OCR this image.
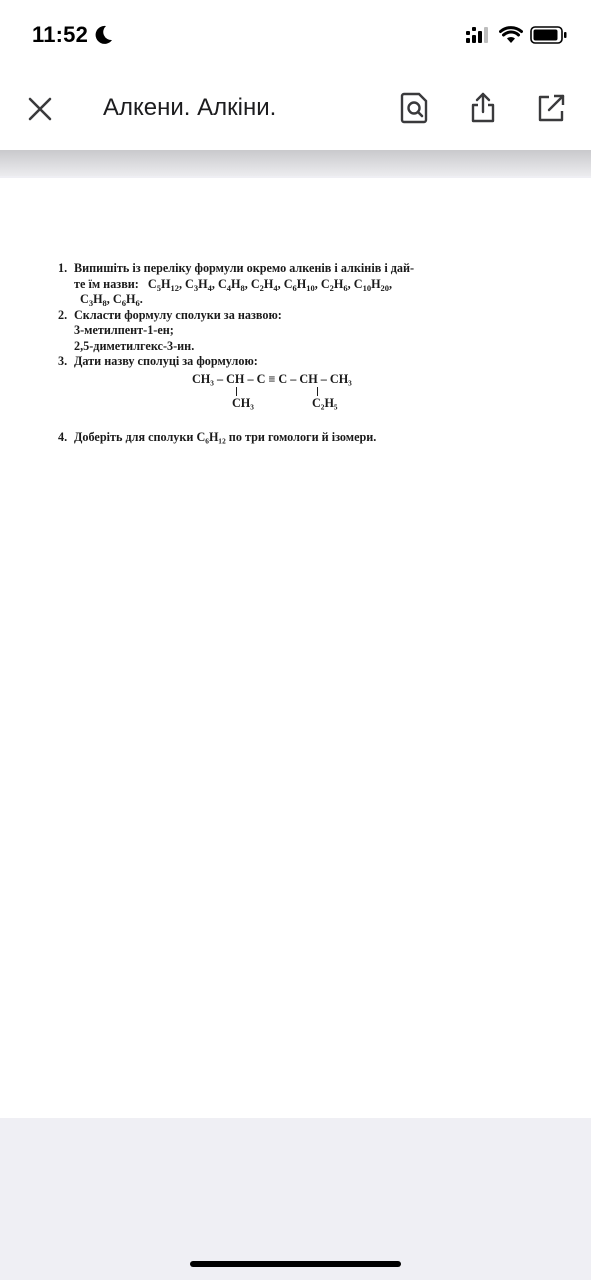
11:52
Алкени. Алкіни.
1. Випишіть із переліку формули окремо алкенів і алкінів і дай-
те їм назви: $C_5H_{12}$, $C_3H_4$, $C_4H_8$, $C_2H_4$, $C_6H_{10}$, $C_2H_6$, $C_{10}H_{20}$,
$C_3H_8$, $C_6H_6$.
2. Скласти формулу сполуки за назвою:
3-метилпент-1-ен;
2,5-диметилгекс-3-ин.
3. Дати назву сполуці за формулою:
CH₃ – CH – C ≡ C – CH – CH₃
CH₃	C₂H₅
4. Доберіть для сполуки C₆H₁₂ по три гомологи й ізомери.
